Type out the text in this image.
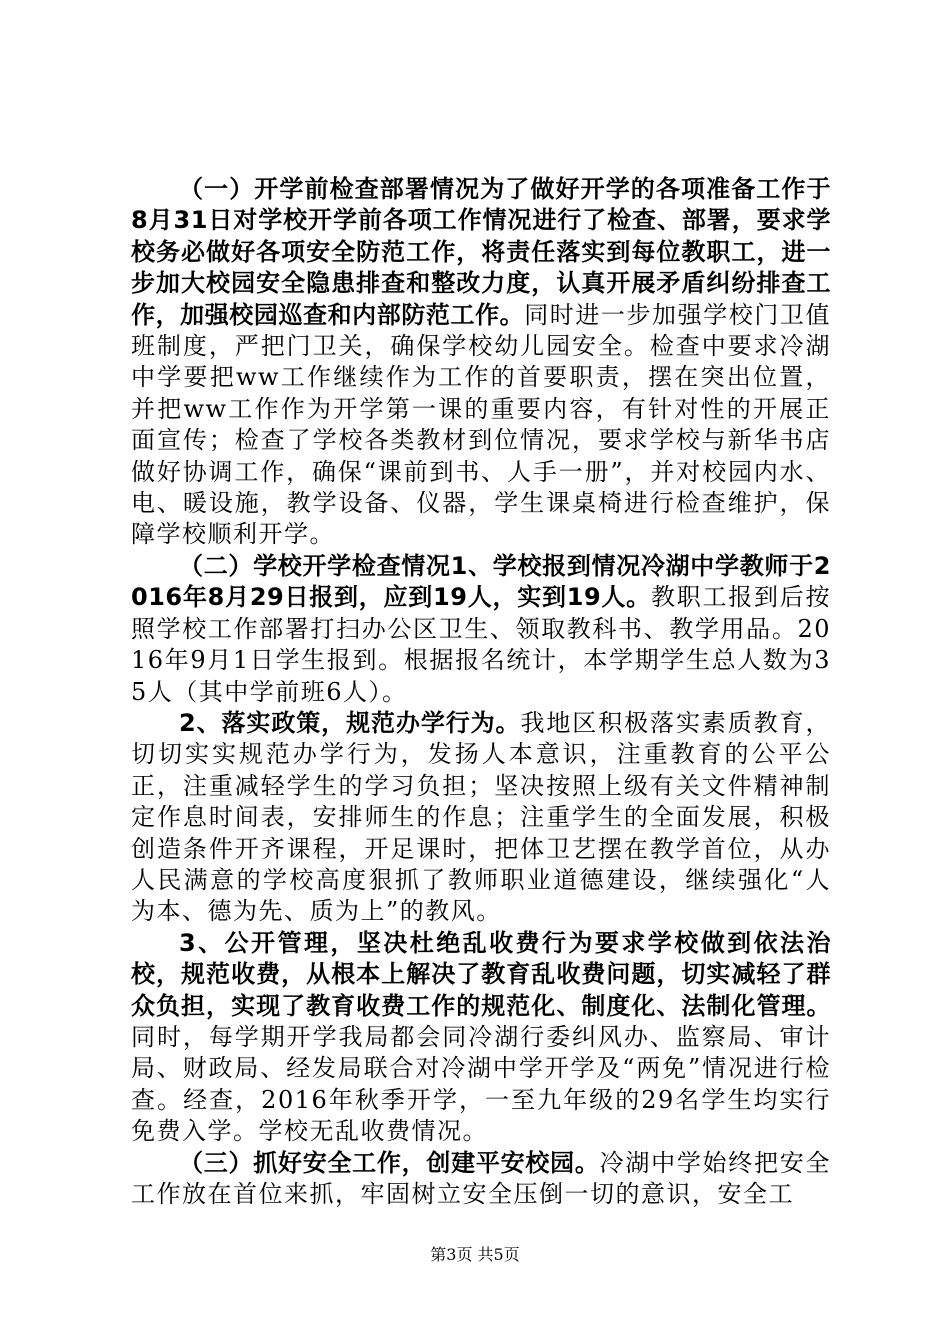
（一）开学前检查部署情况为了做好开学的各项准备工作于8月31日对学校开学前各项工作情况进行了检查、部署，要求学校务必做好各项安全防范工作，将责任落实到每位教职工，进一步加大校园安全隐患排查和整改力度，认真开展矛盾纠纷排查工作，加强校园巡查和内部防范工作。同时进一步加强学校门卫值班制度，严把门卫关，确保学校幼儿园安全。检查中要求冷湖中学要把ww工作继续作为工作的首要职责，摆在突出位置，并把ww工作作为开学第一课的重要内容，有针对性的开展正面宣传；检查了学校各类教材到位情况，要求学校与新华书店做好协调工作，确保“课前到书、人手一册”，并对校园内水、电、暖设施，教学设备、仪器，学生课桌椅进行检查维护，保障学校顺利开学。

（二）学校开学检查情况1、学校报到情况冷湖中学教师于2016年8月29日报到，应到19人，实到19人。教职工报到后按照学校工作部署打扫办公区卫生、领取教科书、教学用品。2016年9月1日学生报到。根据报名统计，本学期学生总人数为35人（其中学前班6人）。

2、落实政策，规范办学行为。我地区积极落实素质教育，切切实实规范办学行为，发扬人本意识，注重教育的公平公正，注重减轻学生的学习负担；坚决按照上级有关文件精神制定作息时间表，安排师生的作息；注重学生的全面发展，积极创造条件开齐课程，开足课时，把体卫艺摆在教学首位，从办人民满意的学校高度狠抓了教师职业道德建设，继续强化“人为本、德为先、质为上”的教风。

3、公开管理，坚决杜绝乱收费行为要求学校做到依法治校，规范收费，从根本上解决了教育乱收费问题，切实减轻了群众负担，实现了教育收费工作的规范化、制度化、法制化管理。同时，每学期开学我局都会同冷湖行委纠风办、监察局、审计局、财政局、经发局联合对冷湖中学开学及“两免”情况进行检查。经查，2016年秋季开学，一至九年级的29名学生均实行免费入学。学校无乱收费情况。

（三）抓好安全工作，创建平安校园。冷湖中学始终把安全工作放在首位来抓，牢固树立安全压倒一切的意识，安全工

第3页 共5页
